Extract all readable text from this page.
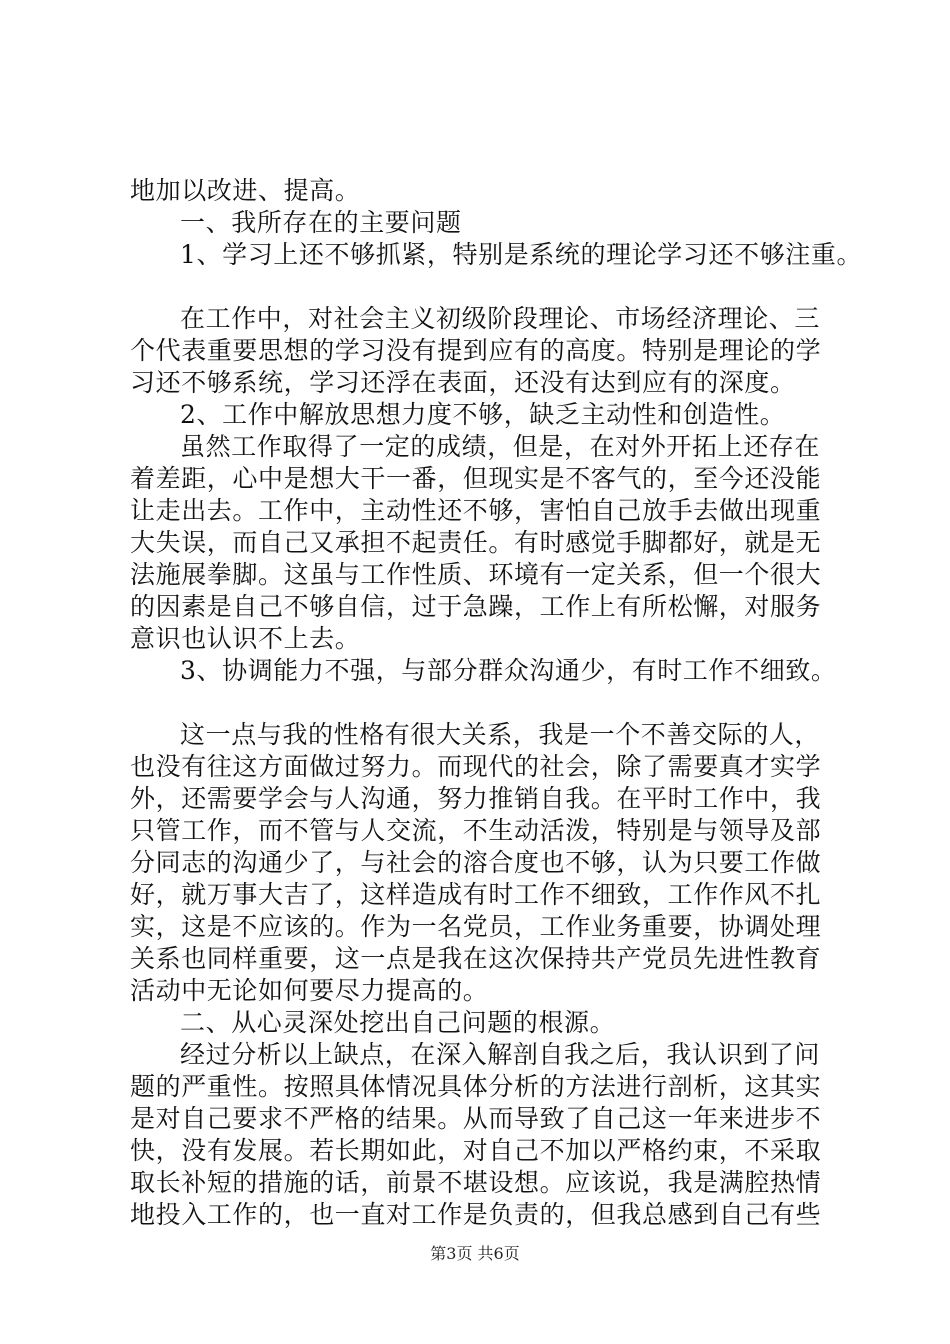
地加以改进、提高。
一、我所存在的主要问题
1、学习上还不够抓紧，特别是系统的理论学习还不够注重。
在工作中，对社会主义初级阶段理论、市场经济理论、三
个代表重要思想的学习没有提到应有的高度。特别是理论的学
习还不够系统，学习还浮在表面，还没有达到应有的深度。
2、工作中解放思想力度不够，缺乏主动性和创造性。
虽然工作取得了一定的成绩，但是，在对外开拓上还存在
着差距，心中是想大干一番，但现实是不客气的，至今还没能
让走出去。工作中，主动性还不够，害怕自己放手去做出现重
大失误，而自己又承担不起责任。有时感觉手脚都好，就是无
法施展拳脚。这虽与工作性质、环境有一定关系，但一个很大
的因素是自己不够自信，过于急躁，工作上有所松懈，对服务
意识也认识不上去。
3、协调能力不强，与部分群众沟通少，有时工作不细致。
这一点与我的性格有很大关系，我是一个不善交际的人，
也没有往这方面做过努力。而现代的社会，除了需要真才实学
外，还需要学会与人沟通，努力推销自我。在平时工作中，我
只管工作，而不管与人交流，不生动活泼，特别是与领导及部
分同志的沟通少了，与社会的溶合度也不够，认为只要工作做
好，就万事大吉了，这样造成有时工作不细致，工作作风不扎
实，这是不应该的。作为一名党员，工作业务重要，协调处理
关系也同样重要，这一点是我在这次保持共产党员先进性教育
活动中无论如何要尽力提高的。
二、从心灵深处挖出自己问题的根源。
经过分析以上缺点，在深入解剖自我之后，我认识到了问
题的严重性。按照具体情况具体分析的方法进行剖析，这其实
是对自己要求不严格的结果。从而导致了自己这一年来进步不
快，没有发展。若长期如此，对自己不加以严格约束，不采取
取长补短的措施的话，前景不堪设想。应该说，我是满腔热情
地投入工作的，也一直对工作是负责的，但我总感到自己有些
第3页 共6页
